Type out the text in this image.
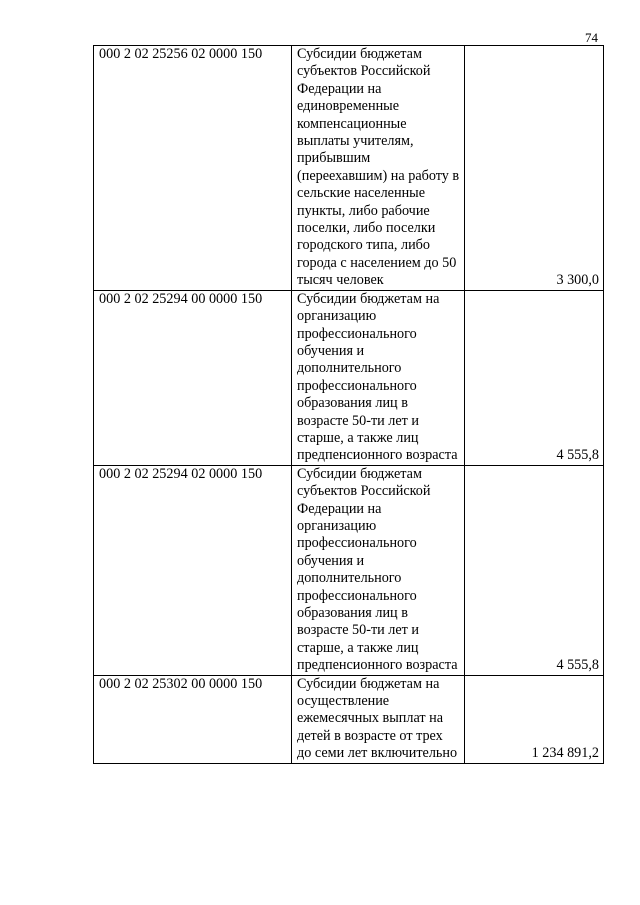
74
000 2 02 25256 02 0000 150	Субсидии бюджетам субъектов Российской Федерации на единовременные компенсационные выплаты учителям, прибывшим (переехавшим) на работу в сельские населенные пункты, либо рабочие поселки, либо поселки городского типа, либо города с населением до 50 тысяч человек	3 300,0
000 2 02 25294 00 0000 150	Субсидии бюджетам на организацию профессионального обучения и дополнительного профессионального образования лиц в возрасте 50-ти лет и старше, а также лиц предпенсионного возраста	4 555,8
000 2 02 25294 02 0000 150	Субсидии бюджетам субъектов Российской Федерации на организацию профессионального обучения и дополнительного профессионального образования лиц в возрасте 50-ти лет и старше, а также лиц предпенсионного возраста	4 555,8
000 2 02 25302 00 0000 150	Субсидии бюджетам на осуществление ежемесячных выплат на детей в возрасте от трех до семи лет включительно	1 234 891,2
